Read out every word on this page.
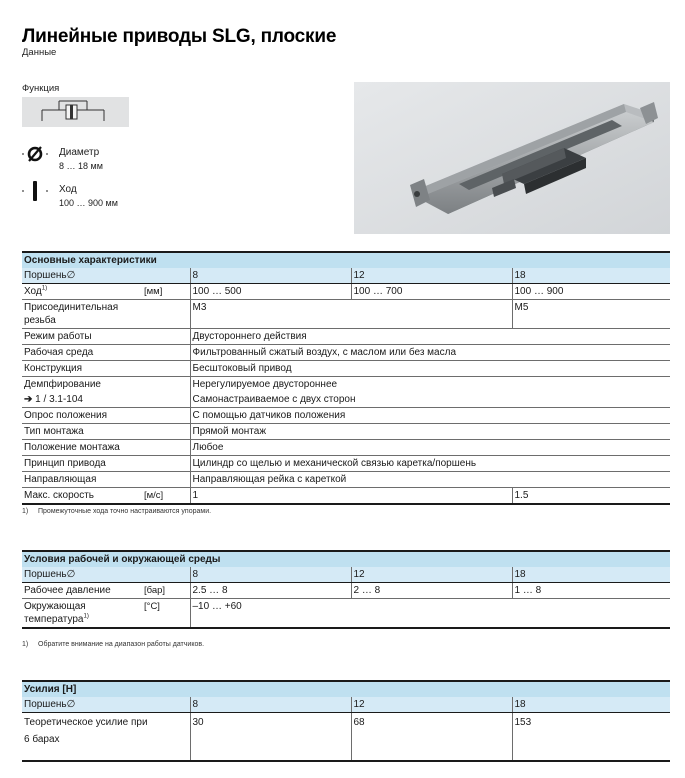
Линейные приводы SLG, плоские
Данные
Функция
Диаметр
8 … 18 мм
Ход
100 … 900 мм
Основные характеристики			
Поршень∅	8	12	18
Ход$^{1)}$ [мм]	100 … 500	100 … 700	100 … 900

Присоединительная
резьба	M3		M5
Режим работы	Двустороннего действия		
Рабочая среда	Фильтрованный сжатый воздух, с маслом или без масла		
Конструкция	Бесштоковый привод		
Демпфирование	Нерегулируемое двустороннее		
➔ 1 / 3.1-104	Самонастраиваемое с двух сторон		
Опрос положения	С помощью датчиков положения		
Тип монтажа	Прямой монтаж		
Положение монтажа	Любое		
Принцип привода	Цилиндр со щелью и механической связью каретка/поршень		
Направляющая	Направляющая рейка с кареткой		
Макс. скорость [м/с]	1		1.5
1) Промежуточные хода точно настраиваются упорами.
Условия рабочей и окружающей среды			
Поршень∅	8	12	18
Рабочее давление [бар]	2.5 … 8	2 … 8	1 … 8

Окружающая
температура$^{1)}$
[°C]	–10 … +60		
1) Обратите внимание на диапазон работы датчиков.
Усилия [Н]			
Поршень∅	8	12	18

Теоретическое усилие при
6 барах	30	68	153
